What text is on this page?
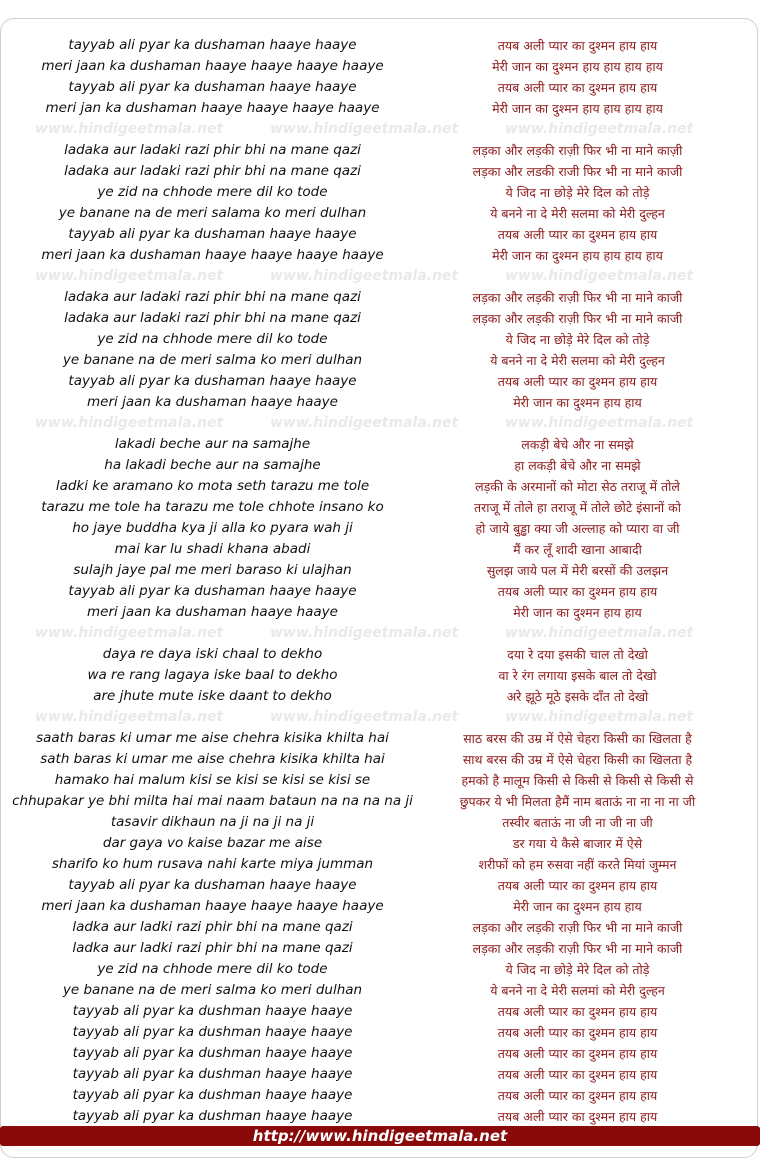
tayyab ali pyar ka dushaman haaye haaye	तयब अली प्यार का दुश्मन हाय हाय
meri jaan ka dushaman haaye haaye haaye haaye	मेरी जान का दुश्मन हाय हाय हाय हाय
tayyab ali pyar ka dushaman haaye haaye	तयब अली प्यार का दुश्मन हाय हाय
meri jan ka dushaman haaye haaye haaye haaye	मेरी जान का दुश्मन हाय हाय हाय हाय
www.hindigeetmala.net	www.hindigeetmala.net	www.hindigeetmala.net
ladaka aur ladaki razi phir bhi na mane qazi	लड़का और लड़की राज़ी फिर भी ना माने काज़ी
ladaka aur ladaki razi phir bhi na mane qazi	लड़का और लडकी राजी फिर भी ना माने काजी
ye zid na chhode mere dil ko tode	ये जिद ना छोड़े मेरे दिल को तोड़े
ye banane na de meri salama ko meri dulhan	ये बनने ना दे मेरी सलमा को मेरी दुल्हन
tayyab ali pyar ka dushaman haaye haaye	तयब अली प्यार का दुश्मन हाय हाय
meri jaan ka dushaman haaye haaye haaye haaye	मेरी जान का दुश्मन हाय हाय हाय हाय
www.hindigeetmala.net	www.hindigeetmala.net	www.hindigeetmala.net
ladaka aur ladaki razi phir bhi na mane qazi	लड़का और लड़की राज़ी फिर भी ना माने काजी
ladaka aur ladaki razi phir bhi na mane qazi	लड़का और लड़की राज़ी फिर भी ना माने काजी
ye zid na chhode mere dil ko tode	ये जिद ना छोड़े मेरे दिल को तोड़े
ye banane na de meri salma ko meri dulhan	ये बनने ना दे मेरी सलमा को मेरी दुल्हन
tayyab ali pyar ka dushaman haaye haaye	तयब अली प्यार का दुश्मन हाय हाय
meri jaan ka dushaman haaye haaye	मेरी जान का दुश्मन हाय हाय
www.hindigeetmala.net	www.hindigeetmala.net	www.hindigeetmala.net
lakadi beche aur na samajhe	लकड़ी बेचे और ना समझे
ha lakadi beche aur na samajhe	हा लकड़ी बेचे और ना समझे
ladki ke aramano ko mota seth tarazu me tole	लड़की के अरमानों को मोटा सेठ तराजू में तोले
tarazu me tole ha tarazu me tole chhote insano ko	तराजू में तोले हा तराजू में तोले छोटे इंसानों को
ho jaye buddha kya ji alla ko pyara wah ji	हो जाये बुड्ढा क्या जी अल्लाह को प्यारा वा जी
mai kar lu shadi khana abadi	मैं कर लूँ शादी खाना आबादी
sulajh jaye pal me meri baraso ki ulajhan	सुलझ जाये पल में मेरी बरसों की उलझन
tayyab ali pyar ka dushaman haaye haaye	तयब अली प्यार का दुश्मन हाय हाय
meri jaan ka dushaman haaye haaye	मेरी जान का दुश्मन हाय हाय
www.hindigeetmala.net	www.hindigeetmala.net	www.hindigeetmala.net
daya re daya iski chaal to dekho	दया रे दया इसकी चाल तो देखो
wa re rang lagaya iske baal to dekho	वा रे रंग लगाया इसके बाल तो देखो
are jhute mute iske daant to dekho	अरे झूठे मूठे इसके दाँत तो देखो
www.hindigeetmala.net	www.hindigeetmala.net	www.hindigeetmala.net
saath baras ki umar me aise chehra kisika khilta hai	साठ बरस की उम्र में ऐसे चेहरा किसी का खिलता है
sath baras ki umar me aise chehra kisika khilta hai	साथ बरस की उम्र में ऐसे चेहरा किसी का खिलता है
hamako hai malum kisi se kisi se kisi se kisi se	हमको है मालूम किसी से किसी से किसी से किसी से
chhupakar ye bhi milta hai mai naam bataun na na na na ji	छुपकर ये भी मिलता हैमैं नाम बताऊं ना ना ना ना जी
tasavir dikhaun na ji na ji na ji	तस्वीर बताऊं ना जी ना जी ना जी
dar gaya vo kaise bazar me aise	डर गया ये कैसे बाजार में ऐसे
sharifo ko hum rusava nahi karte miya jumman	शरीफों को हम रुसवा नहीं करते मियां जुम्मन
tayyab ali pyar ka dushaman haaye haaye	तयब अली प्यार का दुश्मन हाय हाय
meri jaan ka dushaman haaye haaye haaye haaye	मेरी जान का दुश्मन हाय हाय
ladka aur ladki razi phir bhi na mane qazi	लड़का और लड़की राज़ी फिर भी ना माने काजी
ladka aur ladki razi phir bhi na mane qazi	लड़का और लड़की राज़ी फिर भी ना माने काजी
ye zid na chhode mere dil ko tode	ये जिद ना छोड़े मेरे दिल को तोड़े
ye banane na de meri salma ko meri dulhan	ये बनने ना दे मेरी सलमां को मेरी दुल्हन
tayyab ali pyar ka dushman haaye haaye	तयब अली प्यार का दुश्मन हाय हाय
tayyab ali pyar ka dushman haaye haaye	तयब अली प्यार का दुश्मन हाय हाय
tayyab ali pyar ka dushman haaye haaye	तयब अली प्यार का दुश्मन हाय हाय
tayyab ali pyar ka dushman haaye haaye	तयब अली प्यार का दुश्मन हाय हाय
tayyab ali pyar ka dushman haaye haaye	तयब अली प्यार का दुश्मन हाय हाय
tayyab ali pyar ka dushman haaye haaye	तयब अली प्यार का दुश्मन हाय हाय
http://www.hindigeetmala.net
